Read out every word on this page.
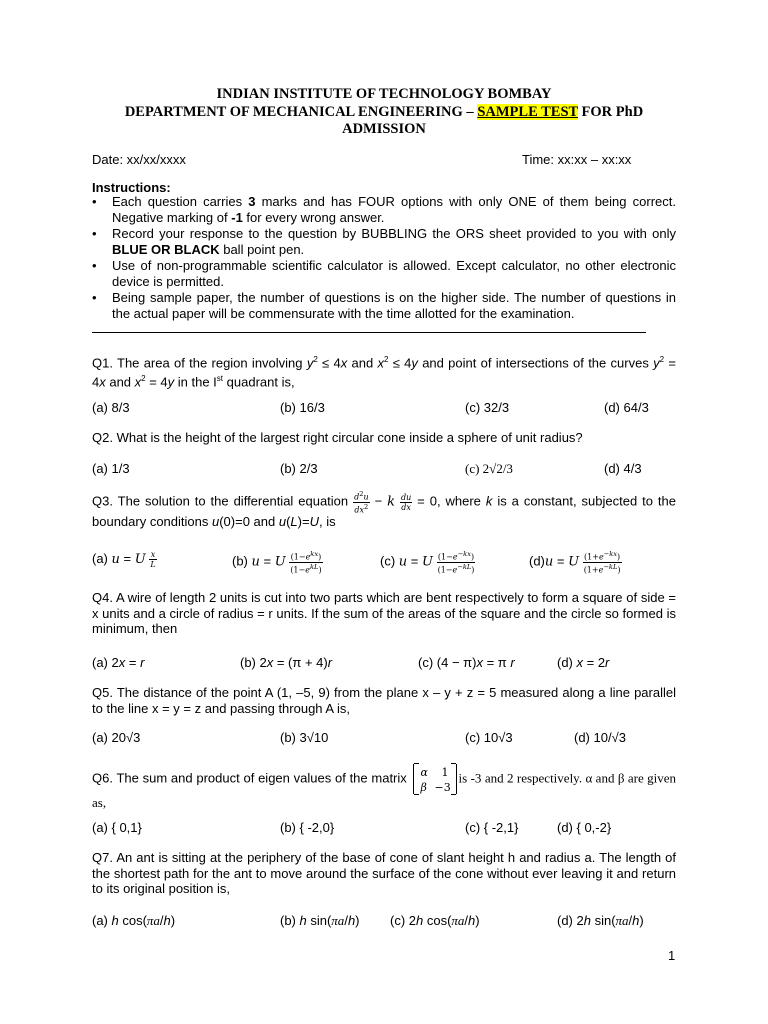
INDIAN INSTITUTE OF TECHNOLOGY BOMBAY
DEPARTMENT OF MECHANICAL ENGINEERING – SAMPLE TEST FOR PhD
ADMISSION
Date: xx/xx/xxxx	Time: xx:xx – xx:xx
Instructions:
• Each question carries 3 marks and has FOUR options with only ONE of them being correct. Negative marking of -1 for every wrong answer.
• Record your response to the question by BUBBLING the ORS sheet provided to you with only BLUE OR BLACK ball point pen.
• Use of non-programmable scientific calculator is allowed. Except calculator, no other electronic device is permitted.
• Being sample paper, the number of questions is on the higher side. The number of questions in the actual paper will be commensurate with the time allotted for the examination.
Q1. The area of the region involving $y^2 \le 4x$ and $x^2 \le 4y$ and point of intersections of the curves $y^2 = 4x$ and $x^2 = 4y$ in the Ist quadrant is,
(a) 8/3	(b) 16/3	(c) 32/3	(d) 64/3
Q2. What is the height of the largest right circular cone inside a sphere of unit radius?
(a) 1/3	(b) 2/3	(c) 2√2/3	(d) 4/3
Q3. The solution to the differential equation $\frac{d^2u}{dx^2} - k \frac{du}{dx} = 0$, where k is a constant, subjected to the boundary conditions u(0)=0 and u(L)=U, is
(a) u = U $\frac{x}{L}$	(b) u = U $\frac{(1-e^{kx})}{(1-e^{kL})}$	(c) u = U $\frac{(1-e^{-kx})}{(1-e^{-kL})}$	(d)u = U $\frac{(1+e^{-kx})}{(1+e^{-kL})}$
Q4. A wire of length 2 units is cut into two parts which are bent respectively to form a square of side = x units and a circle of radius = r units. If the sum of the areas of the square and the circle so formed is minimum, then
(a) 2x = r	(b) 2x = (π + 4)r	(c) (4 − π)x = π r	(d) x = 2r
Q5. The distance of the point A (1, –5, 9) from the plane x – y + z = 5 measured along a line parallel to the line x = y = z and passing through A is,
(a) 20√3	(b) 3√10	(c) 10√3	(d) 10/√3
Q6. The sum and product of eigen values of the matrix α 1
β −3
is -3 and 2 respectively. α and β are given as,
(a) { 0,1}	(b) { -2,0}	(c) { -2,1}	(d) { 0,-2}
Q7. An ant is sitting at the periphery of the base of cone of slant height h and radius a. The length of the shortest path for the ant to move around the surface of the cone without ever leaving it and return to its original position is,
(a) h cos(πa/h)	(b) h sin(πa/h) (c) 2h cos(πa/h)	(d) 2h sin(πa/h)
1
